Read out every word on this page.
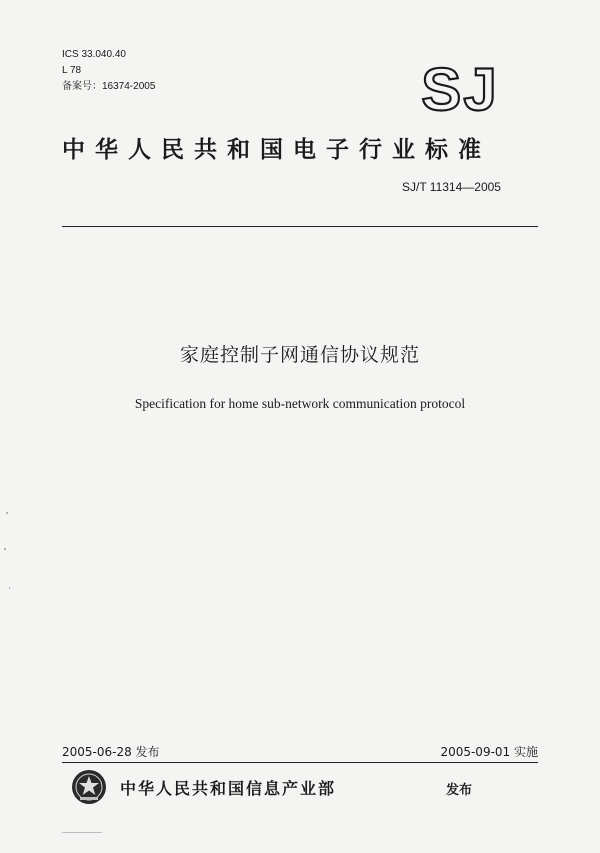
ICS 33.040.40
L 78
备案号：16374-2005	SJ
中华人民共和国电子行业标准
SJ/T 11314—2005
家庭控制子网通信协议规范
Specification for home sub-network communication protocol
2005-06-28 发布	2005-09-01 实施
中华人民共和国信息产业部	发布
